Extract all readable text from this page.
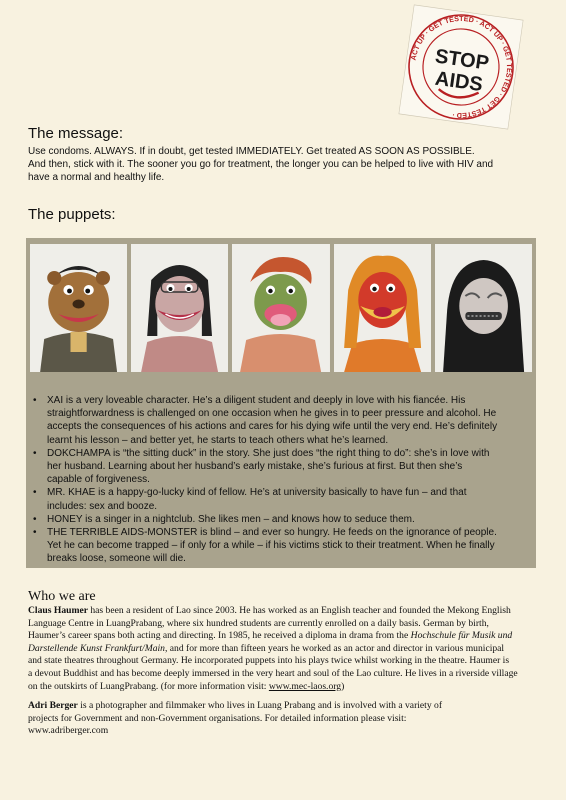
ACT UP · GET TESTED · ACT UP · GET TESTED · GET TESTED ·
STOP
AIDS
The message:
Use condoms. ALWAYS. If in doubt, get tested IMMEDIATELY. Get treated AS SOON AS POSSIBLE.
And then, stick with it. The sooner you go for treatment, the longer you can be helped to live with HIV and
have a normal and healthy life.
The puppets:
• XAI is a very loveable character. He’s a diligent student and deeply in love with his fiancée. His
straightforwardness is challenged on one occasion when he gives in to peer pressure and alcohol. He
accepts the consequences of his actions and cares for his dying wife until the very end. He’s definitely
learnt his lesson – and better yet, he starts to teach others what he’s learned.
• DOKCHAMPA is “the sitting duck” in the story. She just does “the right thing to do”: she’s in love with
her husband. Learning about her husband’s early mistake, she’s furious at first. But then she’s
capable of forgiveness.
• MR. KHAE is a happy-go-lucky kind of fellow. He’s at university basically to have fun – and that
includes: sex and booze.
• HONEY is a singer in a nightclub. She likes men – and knows how to seduce them.
• THE TERRIBLE AIDS-MONSTER is blind – and ever so hungry. He feeds on the ignorance of people.
Yet he can become trapped – if only for a while – if his victims stick to their treatment. When he finally
breaks loose, someone will die.
Who we are
Claus Haumer has been a resident of Lao since 2003. He has worked as an English teacher and founded the Mekong English
Language Centre in LuangPrabang, where six hundred students are currently enrolled on a daily basis. German by birth,
Haumer’s career spans both acting and directing. In 1985, he received a diploma in drama from the Hochschule für Musik und
Darstellende Kunst Frankfurt/Main, and for more than fifteen years he worked as an actor and director in various municipal
and state theatres throughout Germany. He incorporated puppets into his plays twice whilst working in the theatre. Haumer is
a devout Buddhist and has become deeply immersed in the very heart and soul of the Lao culture. He lives in a riverside village
on the outskirts of LuangPrabang. (for more information visit: www.mec-laos.org)
Adri Berger is a photographer and filmmaker who lives in Luang Prabang and is involved with a variety of
projects for Government and non-Government organisations. For detailed information please visit:
www.adriberger.com
